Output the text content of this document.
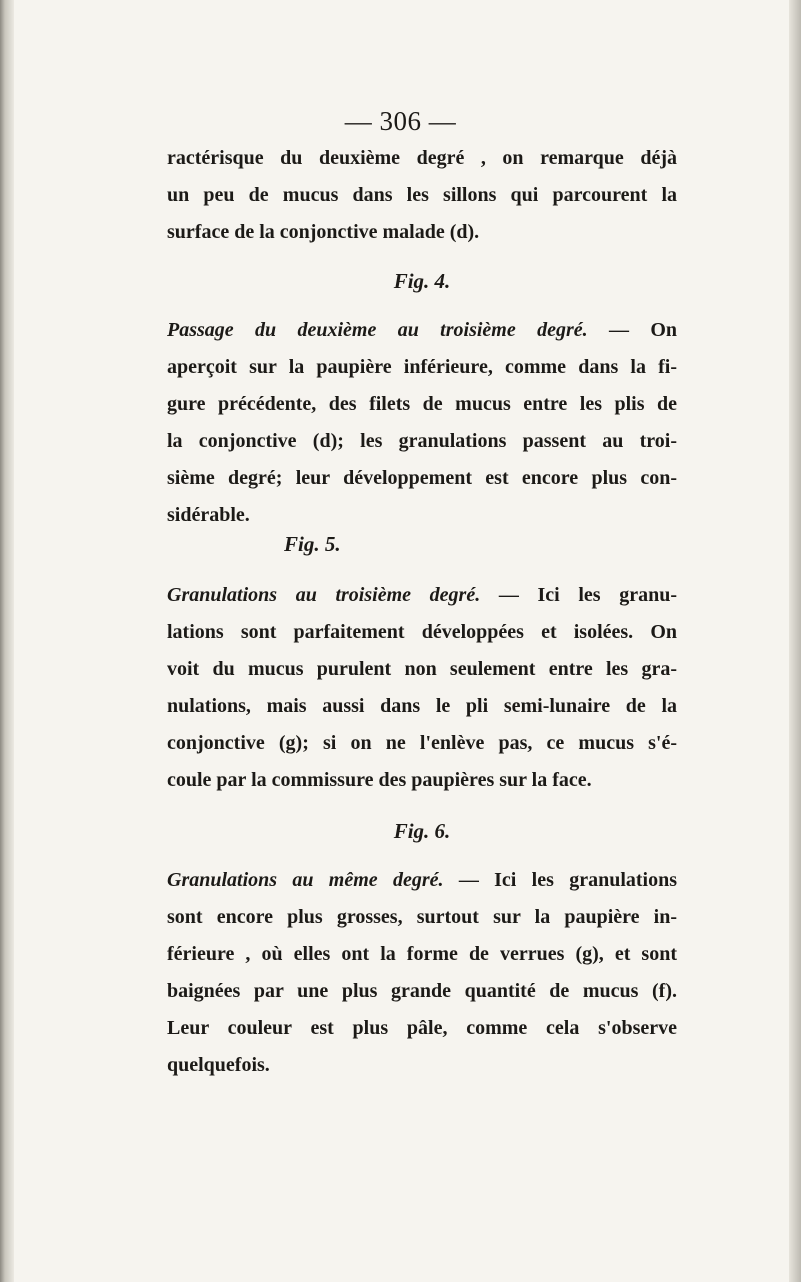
— 306 —
ractérisque du deuxième degré , on remarque déjà
un peu de mucus dans les sillons qui parcourent la
surface de la conjonctive malade (d).
Fig. 4.
Passage du deuxième au troisième degré. — On
aperçoit sur la paupière inférieure, comme dans la fi-
gure précédente, des filets de mucus entre les plis de
la conjonctive (d); les granulations passent au troi-
sième degré; leur développement est encore plus con-
sidérable.
Fig. 5.
Granulations au troisième degré. — Ici les granu-
lations sont parfaitement développées et isolées. On
voit du mucus purulent non seulement entre les gra-
nulations, mais aussi dans le pli semi-lunaire de la
conjonctive (g); si on ne l'enlève pas, ce mucus s'é-
coule par la commissure des paupières sur la face.
Fig. 6.
Granulations au même degré. — Ici les granulations
sont encore plus grosses, surtout sur la paupière in-
férieure , où elles ont la forme de verrues (g), et sont
baignées par une plus grande quantité de mucus (f).
Leur couleur est plus pâle, comme cela s'observe
quelquefois.
